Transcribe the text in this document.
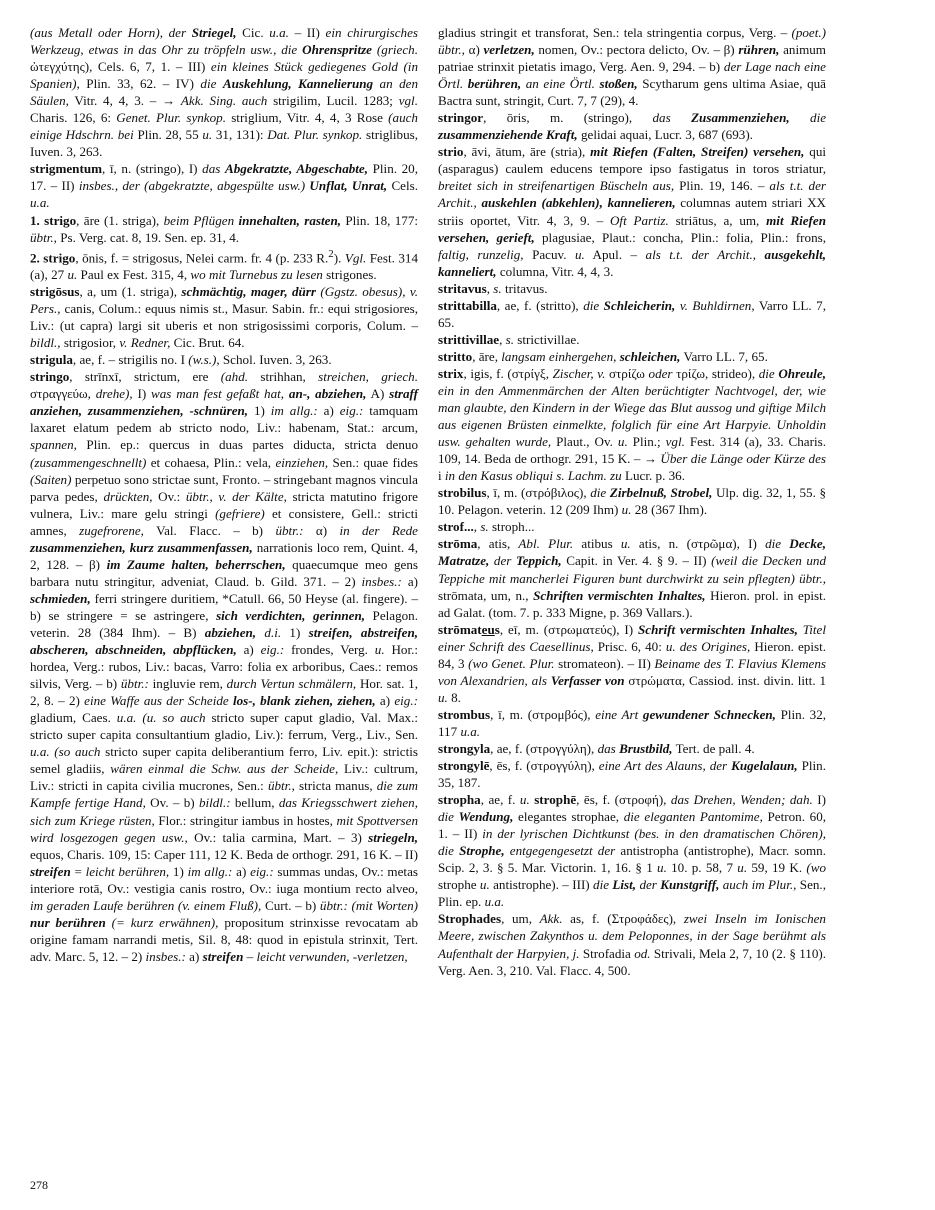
(aus Metall oder Horn), der Striegel, Cic. u.a. – II) ein chirurgisches Werkzeug, etwas in das Ohr zu tröpfeln usw., die Ohrenspritze (griech. ὠτεγχύτης), Cels. 6, 7, 1. – III) ein kleines Stück gediegenes Gold (in Spanien), Plin. 33, 62. – IV) die Auskehlung, Kannelierung an den Säulen, Vitr. 4, 4, 3. – → Akk. Sing. auch strigilim, Lucil. 1283; vgl. Charis. 126, 6: Genet. Plur. synkop. striglium, Vitr. 4, 4, 3 Rose (auch einige Hdschrn. bei Plin. 28, 55 u. 31, 131): Dat. Plur. synkop. striglibus, Iuven. 3, 263.

strigmentum, ī, n. (stringo), I) das Abgekratzte, Abgeschabte, Plin. 20, 17. – II) insbes., der (abgekratzte, abgespülte usw.) Unflat, Unrat, Cels. u.a.

1. strigo, āre (1. striga), beim Pflügen innehalten, rasten, Plin. 18, 177: übtr., Ps. Verg. cat. 8, 19. Sen. ep. 31, 4.

2. strigo, ōnis, f. = strigosus, Nelei carm. fr. 4 (p. 233 R.$^2$). Vgl. Fest. 314 (a), 27 u. Paul ex Fest. 315, 4, wo mit Turnebus zu lesen strigones.

strigōsus, a, um (1. striga), schmächtig, mager, dürr (Ggstz. obesus), v. Pers., canis, Colum.: equus nimis st., Masur. Sabin. fr.: equi strigosiores, Liv.: (ut capra) largi sit uberis et non strigosissimi corporis, Colum. – bildl., strigosior, v. Redner, Cic. Brut. 64.

strigula, ae, f. – strigilis no. I (w.s.), Schol. Iuven. 3, 263.

stringo, strīnxī, strictum, ere (ahd. strihhan, streichen, griech. στραγγεύω, drehe), I) was man fest gefaßt hat, an-, abziehen, A) straff anziehen, zusammenziehen, -schnüren, 1) im allg.: a) eig.: tamquam laxaret elatum pedem ab stricto nodo, Liv.: habenam, Stat.: arcum, spannen, Plin. ep.: quercus in duas partes diducta, stricta denuo (zusammengeschnellt) et cohaesa, Plin.: vela, einziehen, Sen.: quae fides (Saiten) perpetuo sono strictae sunt, Fronto. – stringebant magnos vincula parva pedes, drückten, Ov.: übtr., v. der Kälte, stricta matutino frigore vulnera, Liv.: mare gelu stringi (gefriere) et consistere, Gell.: stricti amnes, zugefrorene, Val. Flacc. – b) übtr.: α) in der Rede zusammenziehen, kurz zusammenfassen, narrationis loco rem, Quint. 4, 2, 128. – β) im Zaume halten, beherrschen, quaecumque meo gens barbara nutu stringitur, adveniat, Claud. b. Gild. 371. – 2) insbes.: a) schmieden, ferri stringere duritiem, *Catull. 66, 50 Heyse (al. fingere). – b) se stringere = se astringere, sich verdichten, gerinnen, Pelagon. veterin. 28 (384 Ihm). – B) abziehen, d.i. 1) streifen, abstreifen, abscheren, abschneiden, abpflücken, a) eig.: frondes, Verg. u. Hor.: hordea, Verg.: rubos, Liv.: bacas, Varro: folia ex arboribus, Caes.: remos silvis, Verg. – b) übtr.: ingluvie rem, durch Vertun schmälern, Hor. sat. 1, 2, 8. – 2) eine Waffe aus der Scheide los-, blank ziehen, ziehen, a) eig.: gladium, Caes. u.a. (u. so auch stricto super caput gladio, Val. Max.: stricto super capita consultantium gladio, Liv.): ferrum, Verg., Liv., Sen. u.a. (so auch stricto super capita deliberantium ferro, Liv. epit.): strictis semel gladiis, wären einmal die Schw. aus der Scheide, Liv.: cultrum, Liv.: stricti in capita civilia mucrones, Sen.: übtr., stricta manus, die zum Kampfe fertige Hand, Ov. – b) bildl.: bellum, das Kriegsschwert ziehen, sich zum Kriege rüsten, Flor.: stringitur iambus in hostes, mit Spottversen wird losgezogen gegen usw., Ov.: talia carmina, Mart. – 3) striegeln, equos, Charis. 109, 15: Caper 111, 12 K. Beda de orthogr. 291, 16 K. – II) streifen = leicht berühren, 1) im allg.: a) eig.: summas undas, Ov.: metas interiore rotā, Ov.: vestigia canis rostro, Ov.: iuga montium recto alveo, im geraden Laufe berühren (v. einem Fluß), Curt. – b) übtr.: (mit Worten) nur berühren (= kurz erwähnen), propositum strinxisse revocatam ab origine famam narrandi metis, Sil. 8, 48: quod in epistula strinxit, Tert. adv. Marc. 5, 12. – 2) insbes.: a) streifen – leicht verwunden, -verletzen,

gladius stringit et transforat, Sen.: tela stringentia corpus, Verg. – (poet.) übtr., α) verletzen, nomen, Ov.: pectora delicto, Ov. – β) rühren, animum patriae strinxit pietatis imago, Verg. Aen. 9, 294. – b) der Lage nach eine Örtl. berühren, an eine Örtl. stoßen, Scytharum gens ultima Asiae, quā Bactra sunt, stringit, Curt. 7, 7 (29), 4.

stringor, ōris, m. (stringo), das Zusammenziehen, die zusammenziehende Kraft, gelidai aquai, Lucr. 3, 687 (693).

strio, āvi, ātum, āre (stria), mit Riefen (Falten, Streifen) versehen, qui (asparagus) caulem educens tempore ipso fastigatus in toros striatur, breitet sich in streifenartigen Büscheln aus, Plin. 19, 146. – als t.t. der Archit., auskehlen (abkehlen), kannelieren, columnas autem striari XX striis oportet, Vitr. 4, 3, 9. – Oft Partiz. striātus, a, um, mit Riefen versehen, gerieft, plagusiae, Plaut.: concha, Plin.: folia, Plin.: frons, faltig, runzelig, Pacuv. u. Apul. – als t.t. der Archit., ausgekehlt, kanneliert, columna, Vitr. 4, 4, 3.

stritavus, s. tritavus.

strittabilla, ae, f. (stritto), die Schleicherin, v. Buhldirnen, Varro LL. 7, 65.

strittivillae, s. strictivillae.

stritto, āre, langsam einhergehen, schleichen, Varro LL. 7, 65.

strix, igis, f. (στρίγξ, Zischer, v. στρίζω oder τρίζω, strideo), die Ohreule, ein in den Ammenmärchen der Alten berüchtigter Nachtvogel, der, wie man glaubte, den Kindern in der Wiege das Blut aussog und giftige Milch aus eigenen Brüsten einmelkte, folglich für eine Art Harpyie. Unholdin usw. gehalten wurde, Plaut., Ov. u. Plin.; vgl. Fest. 314 (a), 33. Charis. 109, 14. Beda de orthogr. 291, 15 K. – → Über die Länge oder Kürze des i in den Kasus obliqui s. Lachm. zu Lucr. p. 36.

strobilus, ī, m. (στρόβιλος), die Zirbelnuß, Strobel, Ulp. dig. 32, 1, 55. § 10. Pelagon. veterin. 12 (209 Ihm) u. 28 (367 Ihm).

strof..., s. stroph...

strōma, atis, Abl. Plur. atibus u. atis, n. (στρῶμα), I) die Decke, Matratze, der Teppich, Capit. in Ver. 4. § 9. – II) (weil die Decken und Teppiche mit mancherlei Figuren bunt durchwirkt zu sein pflegten) übtr., strōmata, um, n., Schriften vermischten Inhaltes, Hieron. prol. in epist. ad Galat. (tom. 7. p. 333 Migne, p. 369 Vallars.).

strōmateus, eī, m. (στρωματεύς), I) Schrift vermischten Inhaltes, Titel einer Schrift des Caesellinus, Prisc. 6, 40: u. des Origines, Hieron. epist. 84, 3 (wo Genet. Plur. stromateon). – II) Beiname des T. Flavius Klemens von Alexandrien, als Verfasser von στρώματα, Cassiod. inst. divin. litt. 1 u. 8.

strombus, ī, m. (στρομβός), eine Art gewundener Schnecken, Plin. 32, 117 u.a.

strongyla, ae, f. (στρογγύλη), das Brustbild, Tert. de pall. 4.

strongylē, ēs, f. (στρογγύλη), eine Art des Alauns, der Kugelalaun, Plin. 35, 187.

stropha, ae, f. u. strophē, ēs, f. (στροφή), das Drehen, Wenden; dah. I) die Wendung, elegantes strophae, die eleganten Pantomime, Petron. 60, 1. – II) in der lyrischen Dichtkunst (bes. in den dramatischen Chören), die Strophe, entgegengesetzt der antistropha (antistrophe), Macr. somn. Scip. 2, 3. § 5. Mar. Victorin. 1, 16. § 1 u. 10. p. 58, 7 u. 59, 19 K. (wo strophe u. antistrophe). – III) die List, der Kunstgriff, auch im Plur., Sen., Plin. ep. u.a.

Strophades, um, Akk. as, f. (Στροφάδες), zwei Inseln im Ionischen Meere, zwischen Zakynthos u. dem Peloponnes, in der Sage berühmt als Aufenthalt der Harpyien, j. Strofadia od. Strivali, Mela 2, 7, 10 (2. § 110). Verg. Aen. 3, 210. Val. Flacc. 4, 500.

278
